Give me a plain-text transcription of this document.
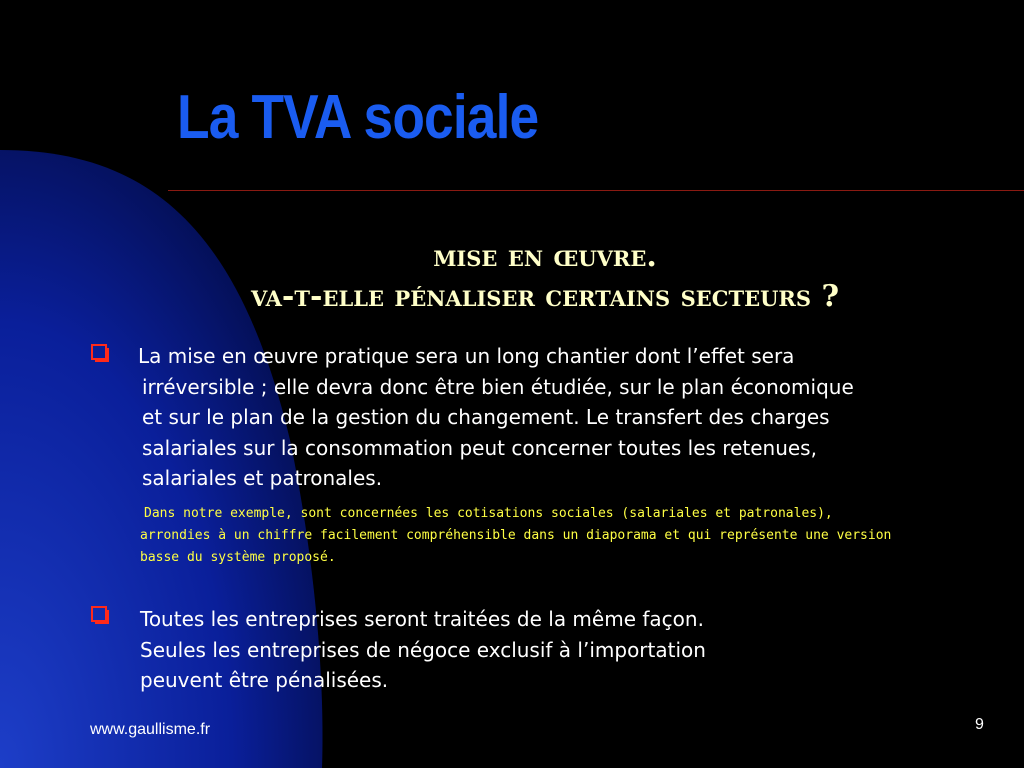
La TVA sociale
mise en œuvre.
va-t-elle pénaliser certains secteurs ?
La mise en œuvre pratique sera un long chantier dont l’effet sera
irréversible ; elle devra donc être bien étudiée, sur le plan économique
et sur le plan de la gestion du changement. Le transfert des charges
salariales sur la consommation peut concerner toutes les retenues,
salariales et patronales.
Dans notre exemple, sont concernées les cotisations sociales (salariales et patronales),
arrondies à un chiffre facilement compréhensible dans un diaporama et qui représente une version
basse du système proposé.
Toutes les entreprises seront traitées de la même façon.
Seules les entreprises de négoce exclusif à l’importation
peuvent être pénalisées.
www.gaullisme.fr	9
